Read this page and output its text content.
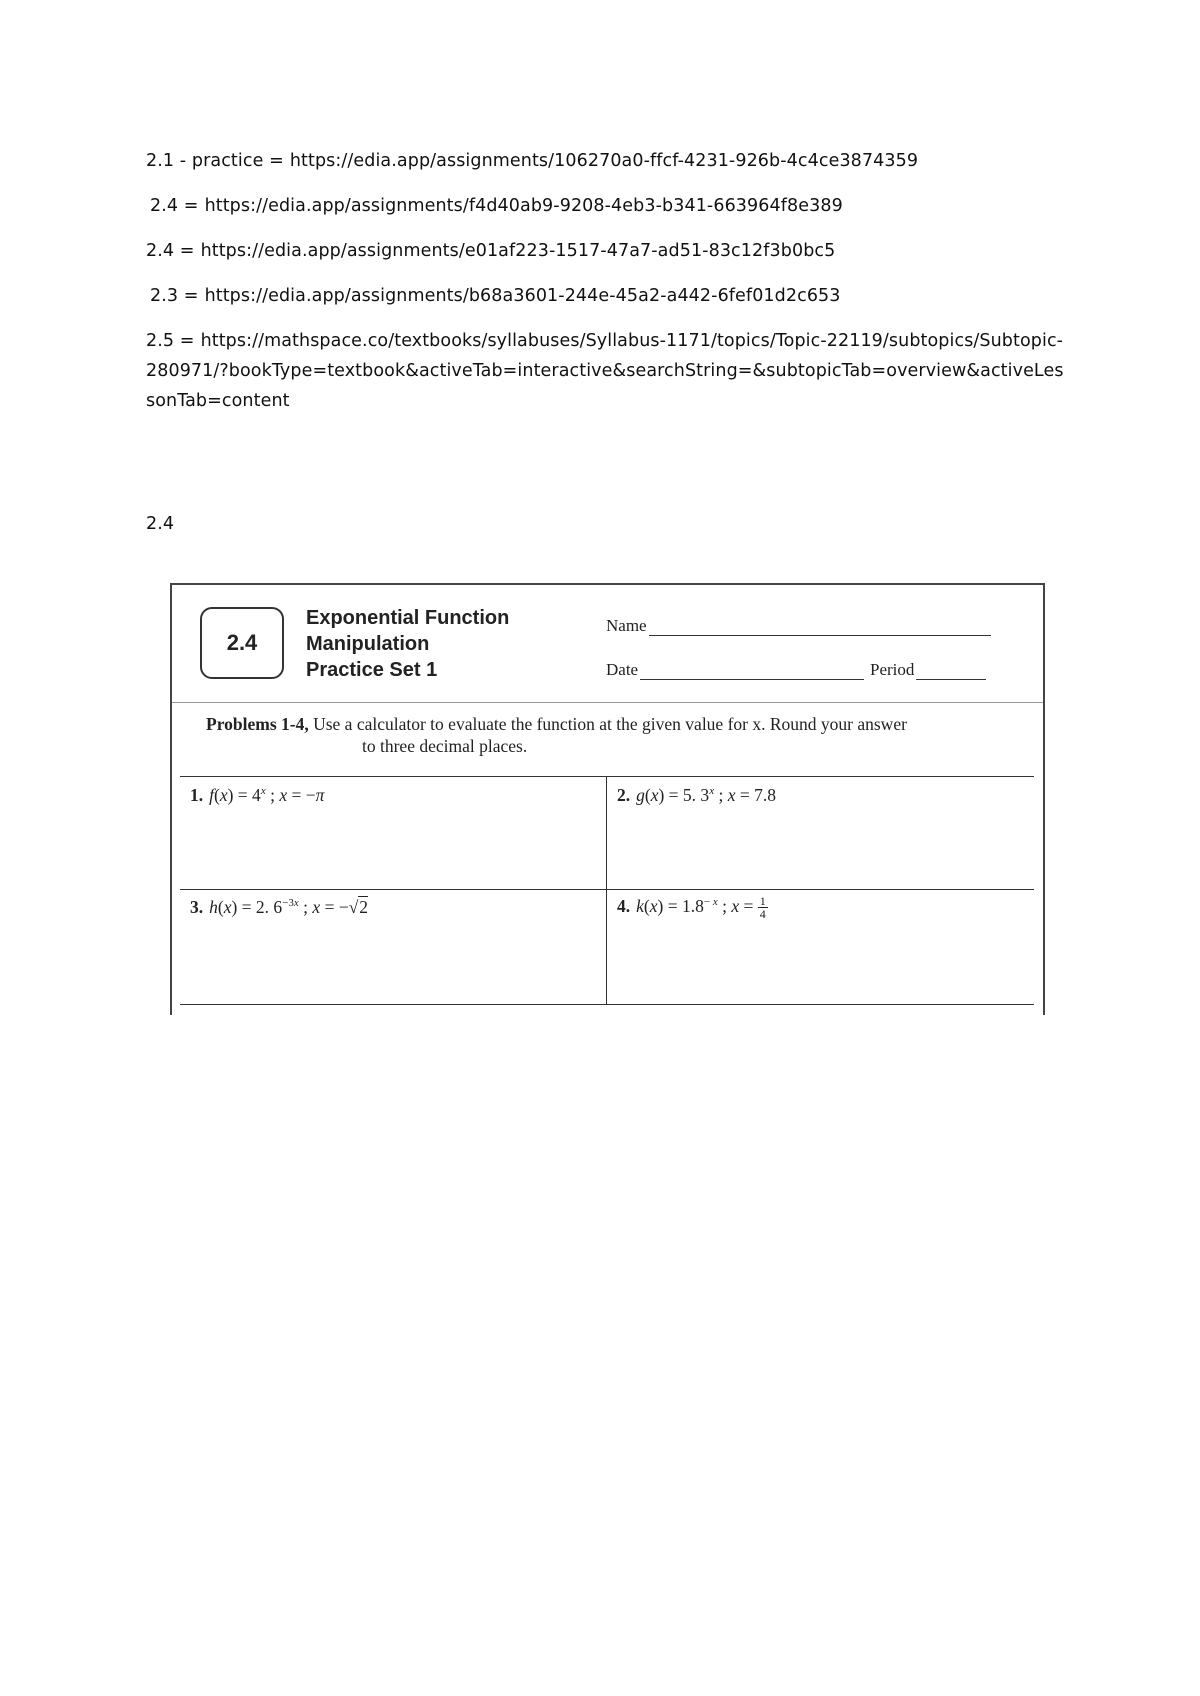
2.1 - practice = https://edia.app/assignments/106270a0-ffcf-4231-926b-4c4ce3874359
2.4 = https://edia.app/assignments/f4d40ab9-9208-4eb3-b341-663964f8e389
2.4 = https://edia.app/assignments/e01af223-1517-47a7-ad51-83c12f3b0bc5
2.3 = https://edia.app/assignments/b68a3601-244e-45a2-a442-6fef01d2c653
2.5 = https://mathspace.co/textbooks/syllabuses/Syllabus-1171/topics/Topic-22119/subtopics/Subtopic-280971/?bookType=textbook&activeTab=interactive&searchString=&subtopicTab=overview&activeLessonTab=content
2.4
2.4
Exponential Function
Manipulation
Practice Set 1
Name
Date	Period
Problems 1-4, Use a calculator to evaluate the function at the given value for x. Round your answer
to three decimal places.
1. $f(x) = 4^x$ ; x = −π	2. g(x) = 5. 3$^x$ ; x = 7.8
3. h(x) = 2. $6^{-3x}$ ; x = −√2	4. $k(x) = 1.8^{- x}$ ; $x = \frac{1}{4}$
